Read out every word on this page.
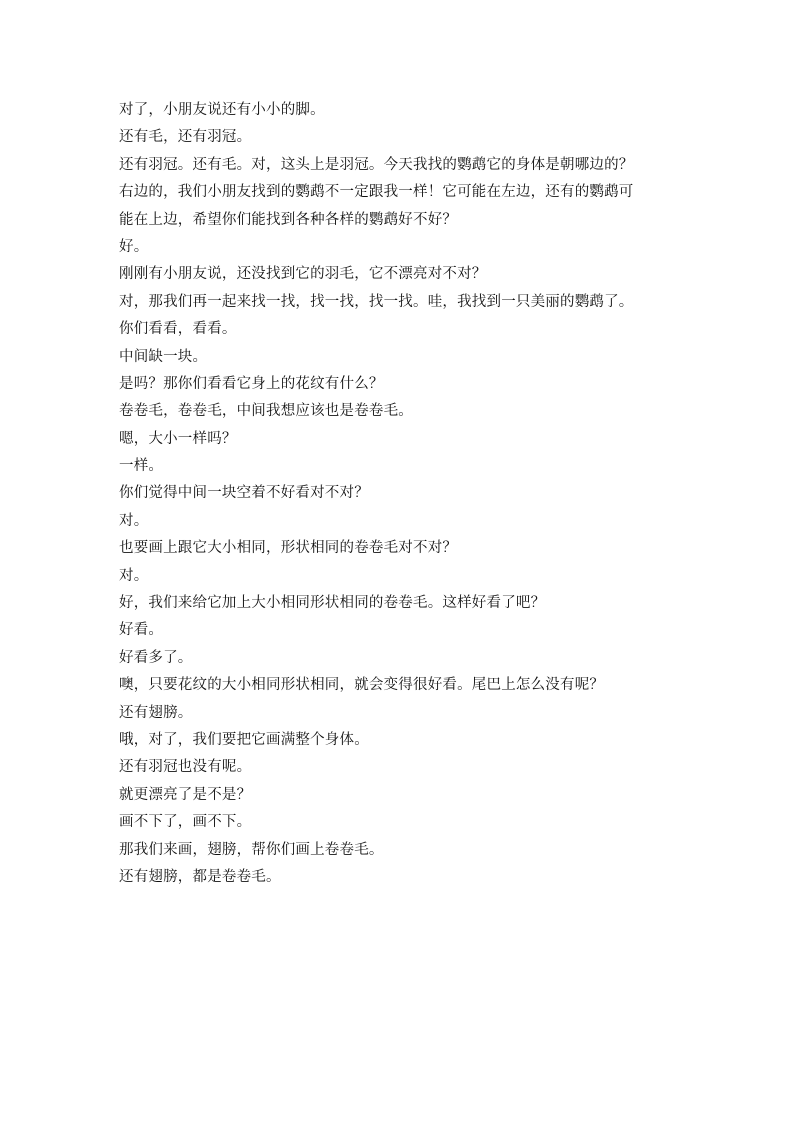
对了，小朋友说还有小小的脚。
还有毛，还有羽冠。
还有羽冠。还有毛。对，这头上是羽冠。今天我找的鹦鹉它的身体是朝哪边的？
右边的，我们小朋友找到的鹦鹉不一定跟我一样！它可能在左边，还有的鹦鹉可
能在上边，希望你们能找到各种各样的鹦鹉好不好？
好。
刚刚有小朋友说，还没找到它的羽毛，它不漂亮对不对？
对，那我们再一起来找一找，找一找，找一找。哇，我找到一只美丽的鹦鹉了。
你们看看，看看。
中间缺一块。
是吗？那你们看看它身上的花纹有什么？
卷卷毛，卷卷毛，中间我想应该也是卷卷毛。
嗯，大小一样吗？
一样。
你们觉得中间一块空着不好看对不对？
对。
也要画上跟它大小相同，形状相同的卷卷毛对不对？
对。
好，我们来给它加上大小相同形状相同的卷卷毛。这样好看了吧？
好看。
好看多了。
噢，只要花纹的大小相同形状相同，就会变得很好看。尾巴上怎么没有呢？
还有翅膀。
哦，对了，我们要把它画满整个身体。
还有羽冠也没有呢。
就更漂亮了是不是？
画不下了，画不下。
那我们来画，翅膀，帮你们画上卷卷毛。
还有翅膀，都是卷卷毛。
